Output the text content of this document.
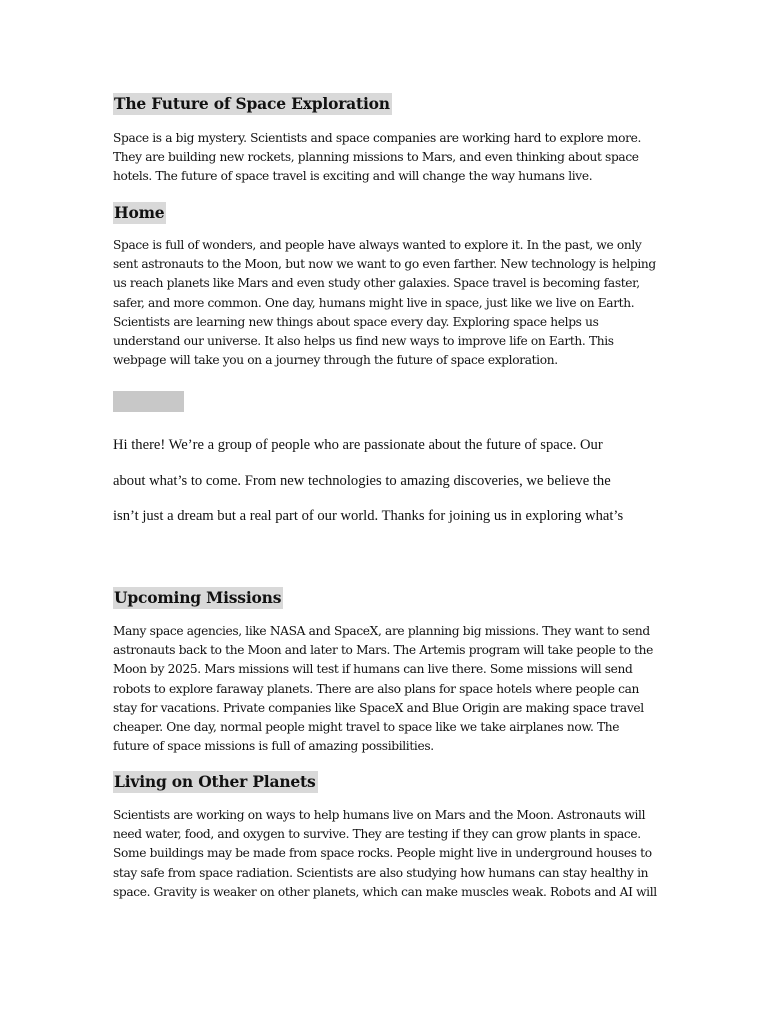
The Future of Space Exploration
Space is a big mystery. Scientists and space companies are working hard to explore more.
They are building new rockets, planning missions to Mars, and even thinking about space
hotels. The future of space travel is exciting and will change the way humans live.
Home
Space is full of wonders, and people have always wanted to explore it. In the past, we only
sent astronauts to the Moon, but now we want to go even farther. New technology is helping
us reach planets like Mars and even study other galaxies. Space travel is becoming faster,
safer, and more common. One day, humans might live in space, just like we live on Earth.
Scientists are learning new things about space every day. Exploring space helps us
understand our universe. It also helps us find new ways to improve life on Earth. This
webpage will take you on a journey through the future of space exploration.
Hi there! We’re a group of people who are passionate about the future of space. Our
about what’s to come. From new technologies to amazing discoveries, we believe the
isn’t just a dream but a real part of our world. Thanks for joining us in exploring what’s
Upcoming Missions
Many space agencies, like NASA and SpaceX, are planning big missions. They want to send
astronauts back to the Moon and later to Mars. The Artemis program will take people to the
Moon by 2025. Mars missions will test if humans can live there. Some missions will send
robots to explore faraway planets. There are also plans for space hotels where people can
stay for vacations. Private companies like SpaceX and Blue Origin are making space travel
cheaper. One day, normal people might travel to space like we take airplanes now. The
future of space missions is full of amazing possibilities.
Living on Other Planets
Scientists are working on ways to help humans live on Mars and the Moon. Astronauts will
need water, food, and oxygen to survive. They are testing if they can grow plants in space.
Some buildings may be made from space rocks. People might live in underground houses to
stay safe from space radiation. Scientists are also studying how humans can stay healthy in
space. Gravity is weaker on other planets, which can make muscles weak. Robots and AI will
